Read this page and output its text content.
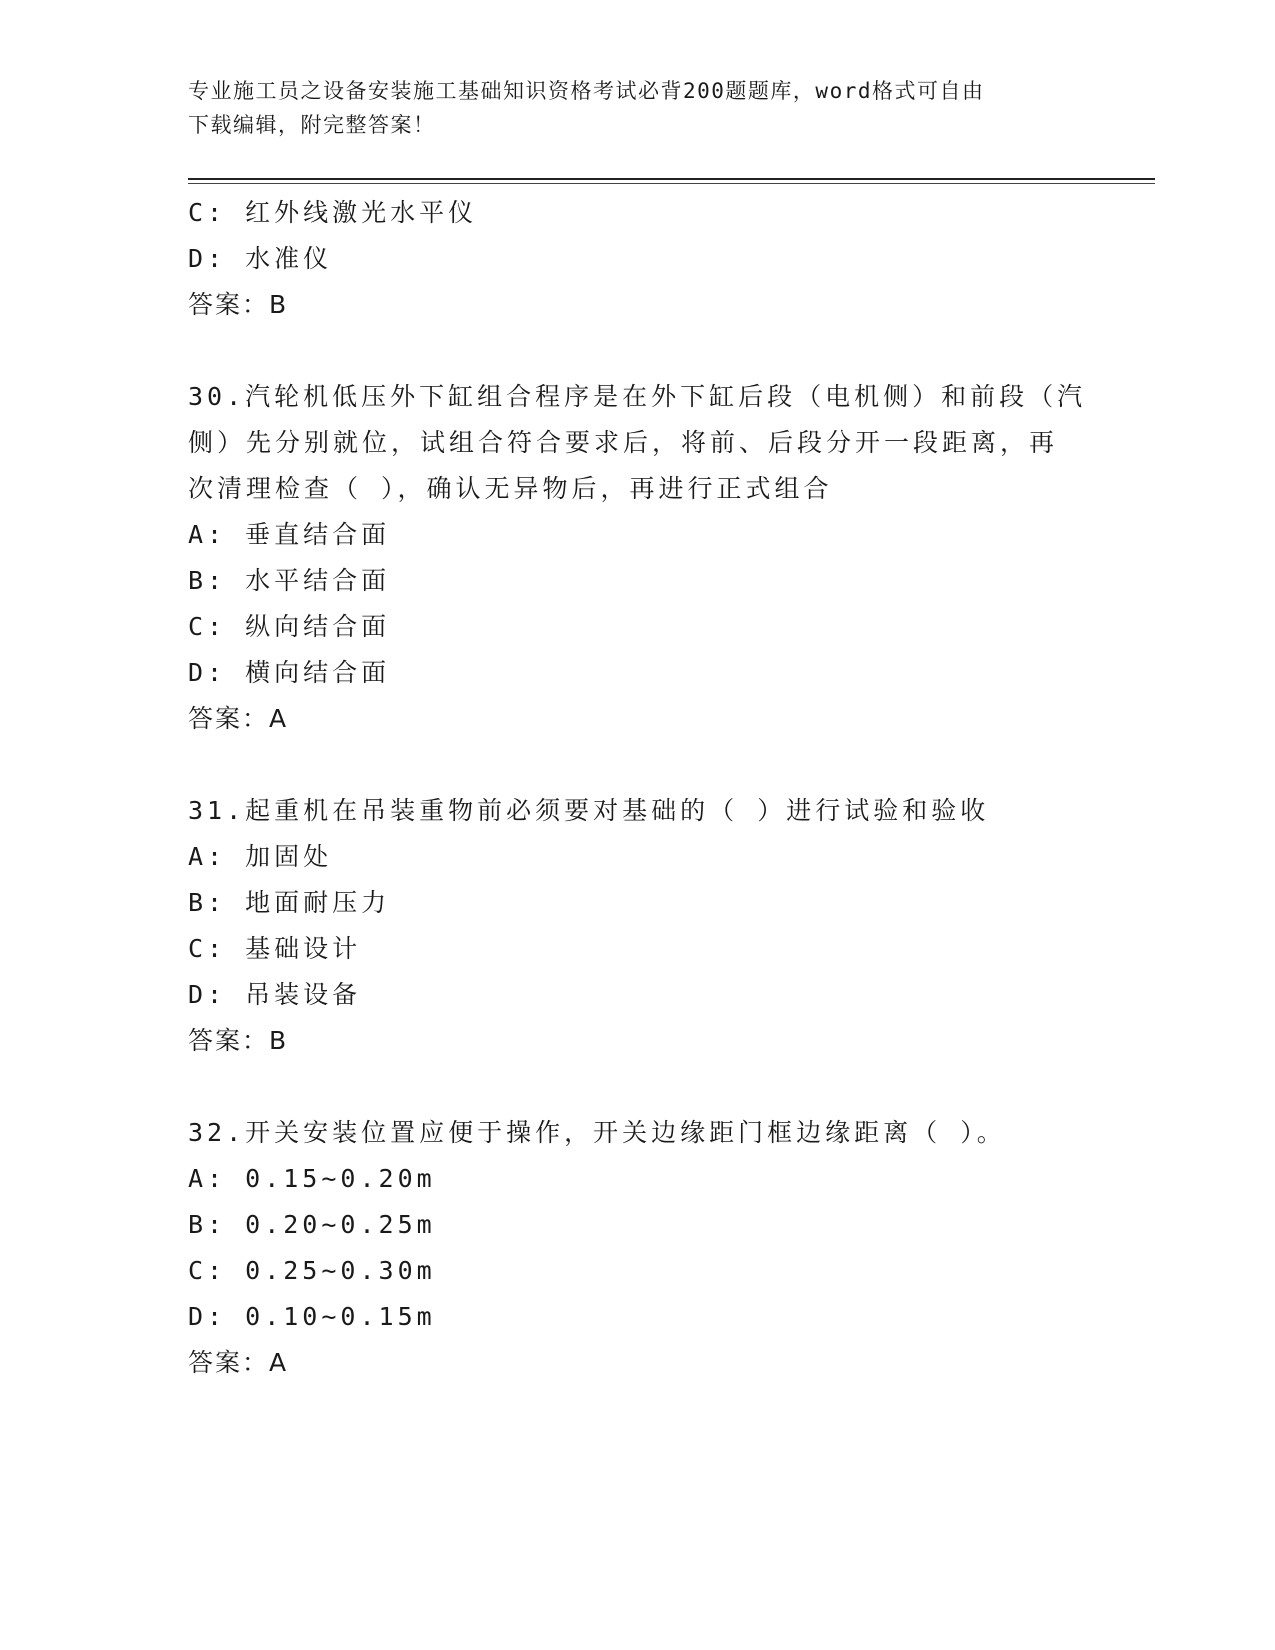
专业施工员之设备安装施工基础知识资格考试必背200题题库，word格式可自由
下载编辑，附完整答案！
C: 红外线激光水平仪
D: 水准仪
答案：B
30.汽轮机低压外下缸组合程序是在外下缸后段（电机侧）和前段（汽
侧）先分别就位，试组合符合要求后，将前、后段分开一段距离，再
次清理检查（ ），确认无异物后，再进行正式组合
A: 垂直结合面
B: 水平结合面
C: 纵向结合面
D: 横向结合面
答案：A
31.起重机在吊装重物前必须要对基础的（ ）进行试验和验收
A: 加固处
B: 地面耐压力
C: 基础设计
D: 吊装设备
答案：B
32.开关安装位置应便于操作，开关边缘距门框边缘距离（ ）。
A: 0.15~0.20m
B: 0.20~0.25m
C: 0.25~0.30m
D: 0.10~0.15m
答案：A
